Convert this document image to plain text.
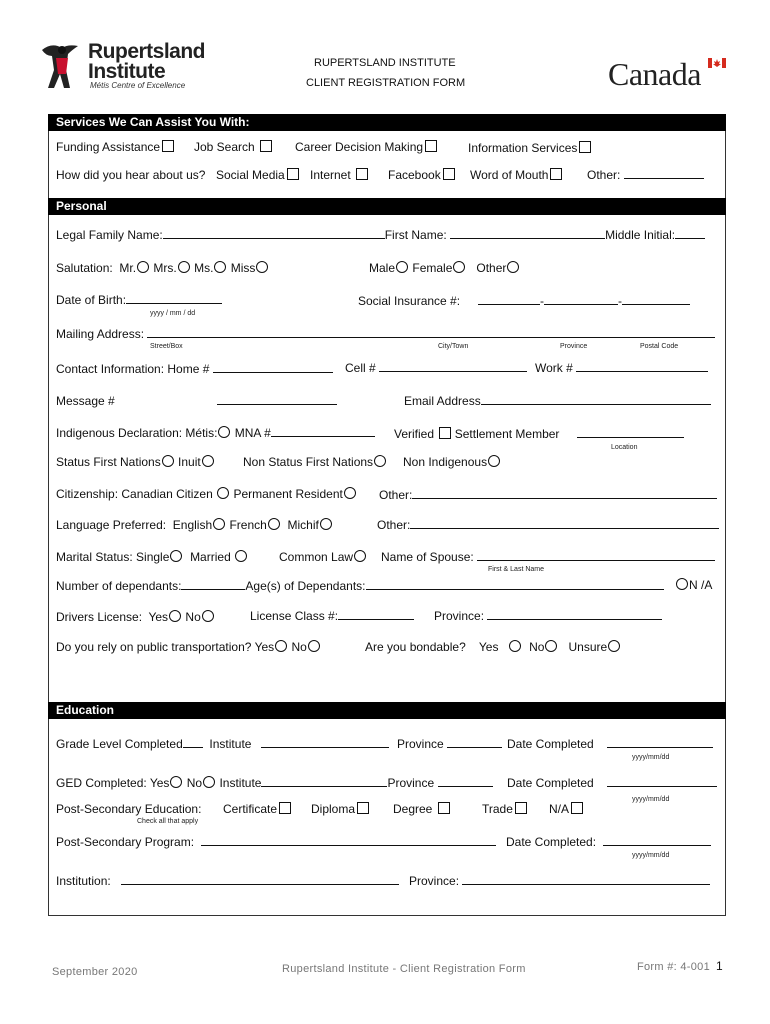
Rupertsland
Institute
Métis Centre of Excellence
RUPERTSLAND INSTITUTE
CLIENT REGISTRATION FORM	Canada
Services We Can Assist You With:
Funding Assistance	Job Search	Career Decision Making	Information Services
How did you hear about us? Social Media	Internet	Facebook	Word of Mouth	Other:
Personal
Legal Family Name:	First Name:	Middle Initial:
Salutation: Mr. Mrs. Ms. Miss	Male Female Other
Date of Birth:
yyyy / mm / dd
Social Insurance #:	-	-
Mailing Address:
Street/Box	City/Town	Province	Postal Code
Contact Information: Home #	Cell #	Work #
Message #	Email Address
Indigenous Declaration: Métis: MNA #	Verified Settlement Member
Location
Status First Nations Inuit	Non Status First Nations	Non Indigenous
Citizenship: Canadian Citizen Permanent Resident	Other:
Language Preferred: English French Michif	Other:
Marital Status: Single Married	Common Law	Name of Spouse:
First & Last Name
Number of dependants:	Age(s) of Dependants:	N /A
Drivers License: Yes No	License Class #:	Province:
Do you rely on public transportation? Yes No	Are you bondable? Yes	No Unsure
Education
Grade Level Completed Institute	Province	Date Completed
yyyy/mm/dd
GED Completed: Yes No Institute	Province	Date Completed
yyyy/mm/dd
Post-Secondary Education:
Check all that apply
Certificate	Diploma	Degree	Trade	N/A
Post-Secondary Program:	Date Completed:
yyyy/mm/dd
Institution:	Province:
September 2020	Rupertsland Institute - Client Registration Form	Form #: 4-001 1
